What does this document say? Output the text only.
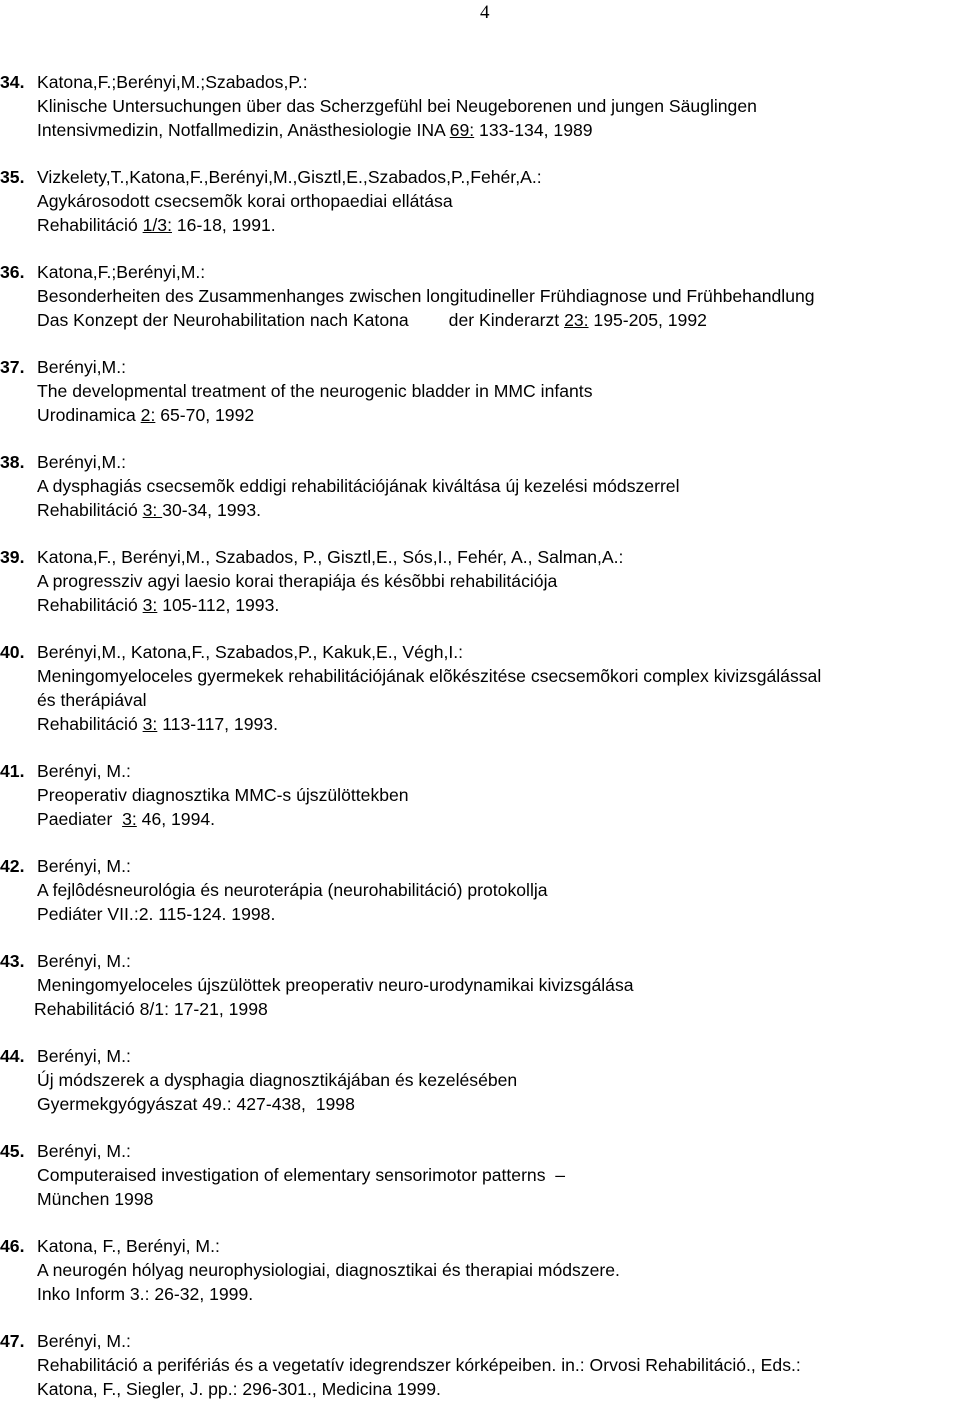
4
34. Katona,F.;Berényi,M.;Szabados,P.:
Klinische Untersuchungen über das Scherzgefühl bei Neugeborenen und jungen Säuglingen
Intensivmedizin, Notfallmedizin, Anästhesiologie INA 69: 133-134, 1989
35. Vizkelety,T.,Katona,F.,Berényi,M.,Gisztl,E.,Szabados,P.,Fehér,A.:
Agykárosodott csecsemõk korai orthopaediai ellátása
Rehabilitáció 1/3: 16-18, 1991.
36. Katona,F.;Berényi,M.:
Besonderheiten des Zusammenhanges zwischen longitudineller Frühdiagnose und Frühbehandlung
Das Konzept der Neurohabilitation nach Katona der Kinderarzt 23: 195-205, 1992
37. Berényi,M.:
The developmental treatment of the neurogenic bladder in MMC infants
Urodinamica 2: 65-70, 1992
38. Berényi,M.:
A dysphagiás csecsemõk eddigi rehabilitációjának kiváltása új kezelési módszerrel
Rehabilitáció 3: 30-34, 1993.
39. Katona,F., Berényi,M., Szabados, P., Gisztl,E., Sós,I., Fehér, A., Salman,A.:
A progressziv agyi laesio korai therapiája és késõbbi rehabilitációja
Rehabilitáció 3: 105-112, 1993.
40. Berényi,M., Katona,F., Szabados,P., Kakuk,E., Végh,I.:
Meningomyeloceles gyermekek rehabilitációjának elõkészitése csecsemõkori complex kivizsgálással
és therápiával
Rehabilitáció 3: 113-117, 1993.
41. Berényi, M.:
Preoperativ diagnosztika MMC-s újszülöttekben
Paediater  3: 46, 1994.
42. Berényi, M.:
A fejlôdésneurológia és neuroterápia (neurohabilitáció) protokollja
Pediáter VII.:2. 115-124. 1998.
43. Berényi, M.:
Meningomyeloceles újszülöttek preoperativ neuro-urodynamikai kivizsgálása
Rehabilitáció 8/1: 17-21, 1998
44. Berényi, M.:
Új módszerek a dysphagia diagnosztikájában és kezelésében
Gyermekgyógyászat 49.: 427-438,  1998
45. Berényi, M.:
Computeraised investigation of elementary sensorimotor patterns  –
München 1998
46. Katona, F., Berényi, M.:
A neurogén hólyag neurophysiologiai, diagnosztikai és therapiai módszere.
Inko Inform 3.: 26-32, 1999.
47. Berényi, M.:
Rehabilitáció a perifériás és a vegetatív idegrendszer kórképeiben. in.: Orvosi Rehabilitáció., Eds.:
Katona, F., Siegler, J. pp.: 296-301., Medicina 1999.
